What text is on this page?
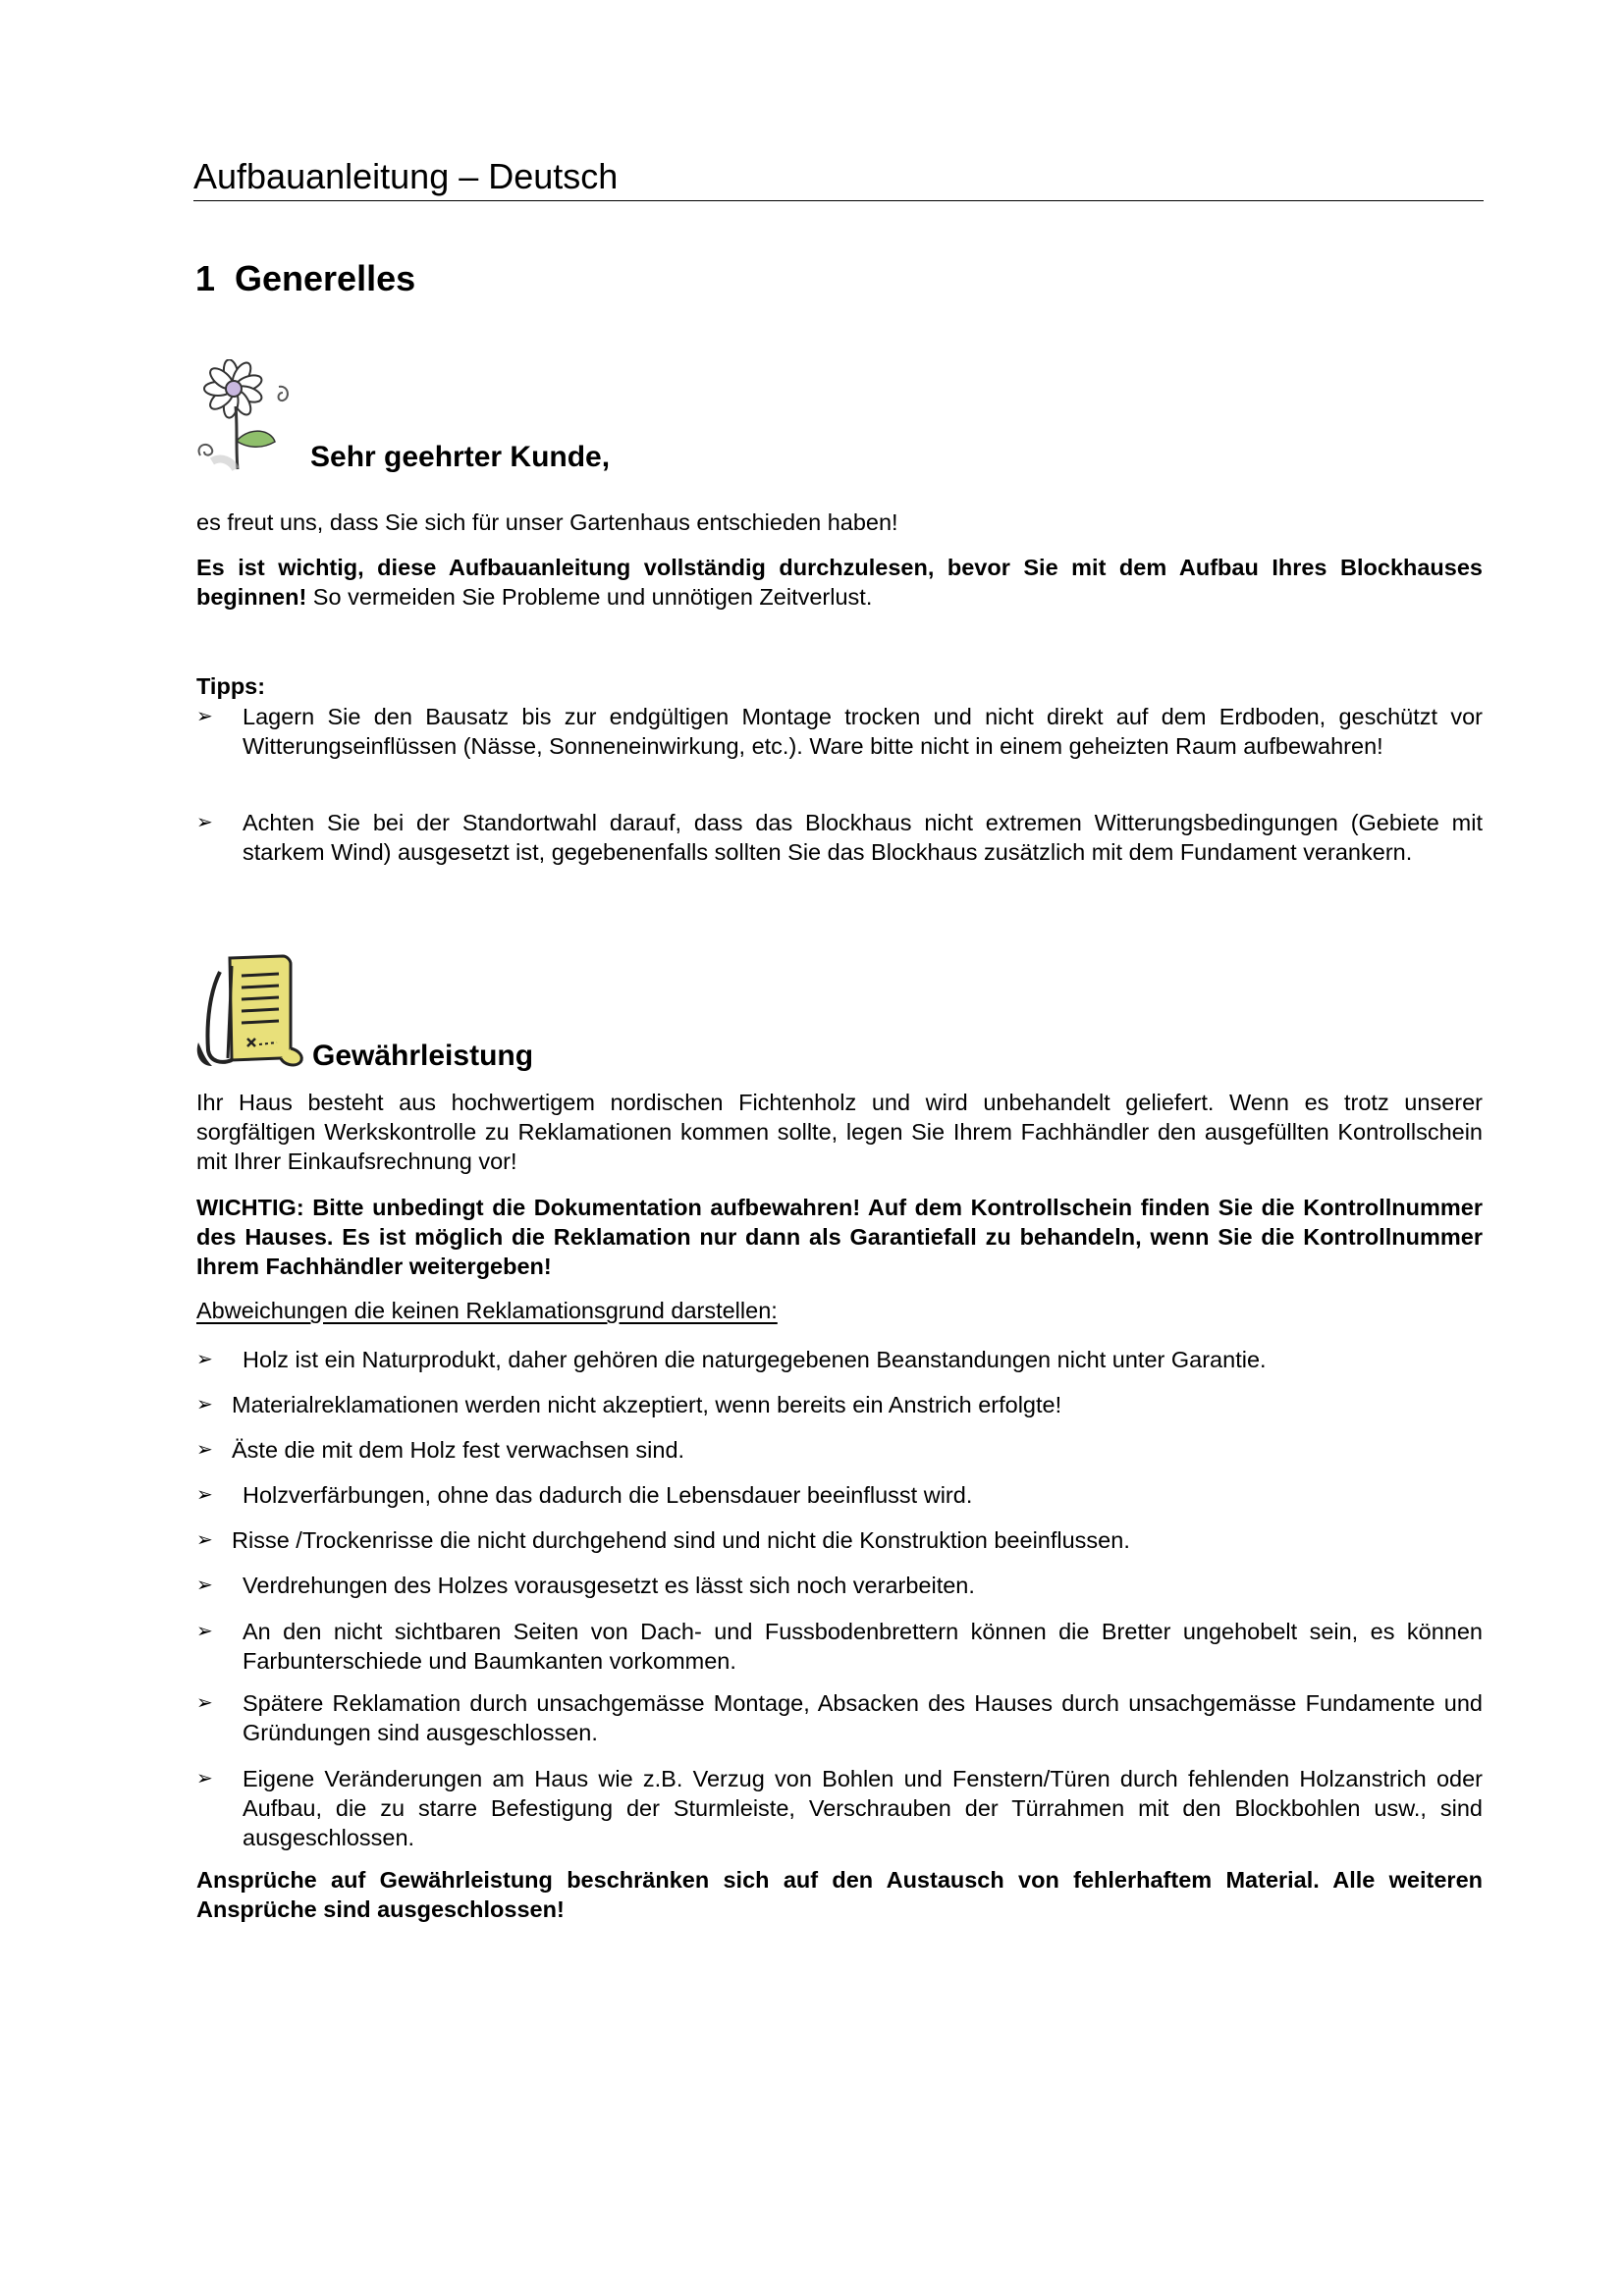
Aufbauanleitung – Deutsch
1 Generelles
Sehr geehrter Kunde,
es freut uns, dass Sie sich für unser Gartenhaus entschieden haben!
Es ist wichtig, diese Aufbauanleitung vollständig durchzulesen, bevor Sie mit dem Aufbau Ihres Blockhauses beginnen! So vermeiden Sie Probleme und unnötigen Zeitverlust.
Tipps:
➢	Lagern Sie den Bausatz bis zur endgültigen Montage trocken und nicht direkt auf dem Erdboden, geschützt vor Witterungseinflüssen (Nässe, Sonneneinwirkung, etc.). Ware bitte nicht in einem geheizten Raum aufbewahren!
➢	Achten Sie bei der Standortwahl darauf, dass das Blockhaus nicht extremen Witterungsbedingungen (Gebiete mit starkem Wind) ausgesetzt ist, gegebenenfalls sollten Sie das Blockhaus zusätzlich mit dem Fundament verankern.
Gewährleistung
Ihr Haus besteht aus hochwertigem nordischen Fichtenholz und wird unbehandelt geliefert. Wenn es trotz unserer sorgfältigen Werkskontrolle zu Reklamationen kommen sollte, legen Sie Ihrem Fachhändler den ausgefüllten Kontrollschein mit Ihrer Einkaufsrechnung vor!
WICHTIG: Bitte unbedingt die Dokumentation aufbewahren! Auf dem Kontrollschein finden Sie die Kontrollnummer des Hauses. Es ist möglich die Reklamation nur dann als Garantiefall zu behandeln, wenn Sie die Kontrollnummer Ihrem Fachhändler weitergeben!
Abweichungen die keinen Reklamationsgrund darstellen:
➢	Holz ist ein Naturprodukt, daher gehören die naturgegebenen Beanstandungen nicht unter Garantie.
➢ Materialreklamationen werden nicht akzeptiert, wenn bereits ein Anstrich erfolgte!
➢ Äste die mit dem Holz fest verwachsen sind.
➢	Holzverfärbungen, ohne das dadurch die Lebensdauer beeinflusst wird.
➢ Risse /Trockenrisse die nicht durchgehend sind und nicht die Konstruktion beeinflussen.
➢	Verdrehungen des Holzes vorausgesetzt es lässt sich noch verarbeiten.
➢	An den nicht sichtbaren Seiten von Dach- und Fussbodenbrettern können die Bretter ungehobelt sein, es können Farbunterschiede und Baumkanten vorkommen.
➢	Spätere Reklamation durch unsachgemässe Montage, Absacken des Hauses durch unsachgemässe Fundamente und Gründungen sind ausgeschlossen.
➢	Eigene Veränderungen am Haus wie z.B. Verzug von Bohlen und Fenstern/Türen durch fehlenden Holzanstrich oder Aufbau, die zu starre Befestigung der Sturmleiste, Verschrauben der Türrahmen mit den Blockbohlen usw., sind ausgeschlossen.
Ansprüche auf Gewährleistung beschränken sich auf den Austausch von fehlerhaftem Material. Alle weiteren Ansprüche sind ausgeschlossen!
